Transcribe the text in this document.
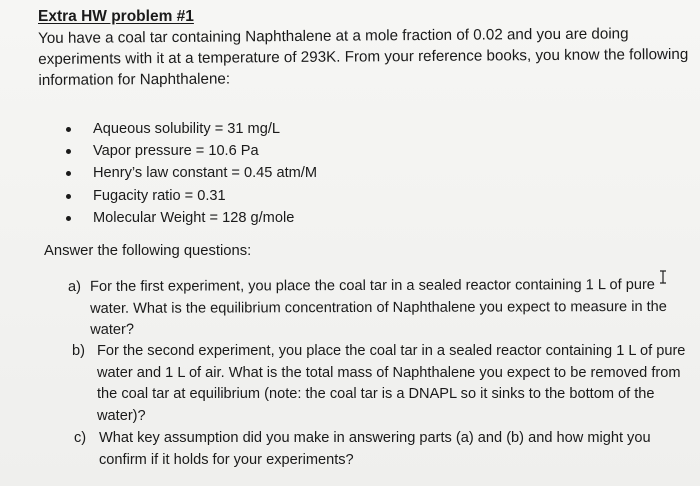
Extra HW problem #1
You have a coal tar containing Naphthalene at a mole fraction of 0.02 and you are doing experiments with it at a temperature of 293K. From your reference books, you know the following information for Naphthalene:
Aqueous solubility = 31 mg/L
Vapor pressure = 10.6 Pa
Henry’s law constant = 0.45 atm/M
Fugacity ratio = 0.31
Molecular Weight = 128 g/mole
Answer the following questions:
a) For the first experiment, you place the coal tar in a sealed reactor containing 1 L of pure water. What is the equilibrium concentration of Naphthalene you expect to measure in the water?
b) For the second experiment, you place the coal tar in a sealed reactor containing 1 L of pure water and 1 L of air. What is the total mass of Naphthalene you expect to be removed from the coal tar at equilibrium (note: the coal tar is a DNAPL so it sinks to the bottom of the water)?
c) What key assumption did you make in answering parts (a) and (b) and how might you confirm if it holds for your experiments?
